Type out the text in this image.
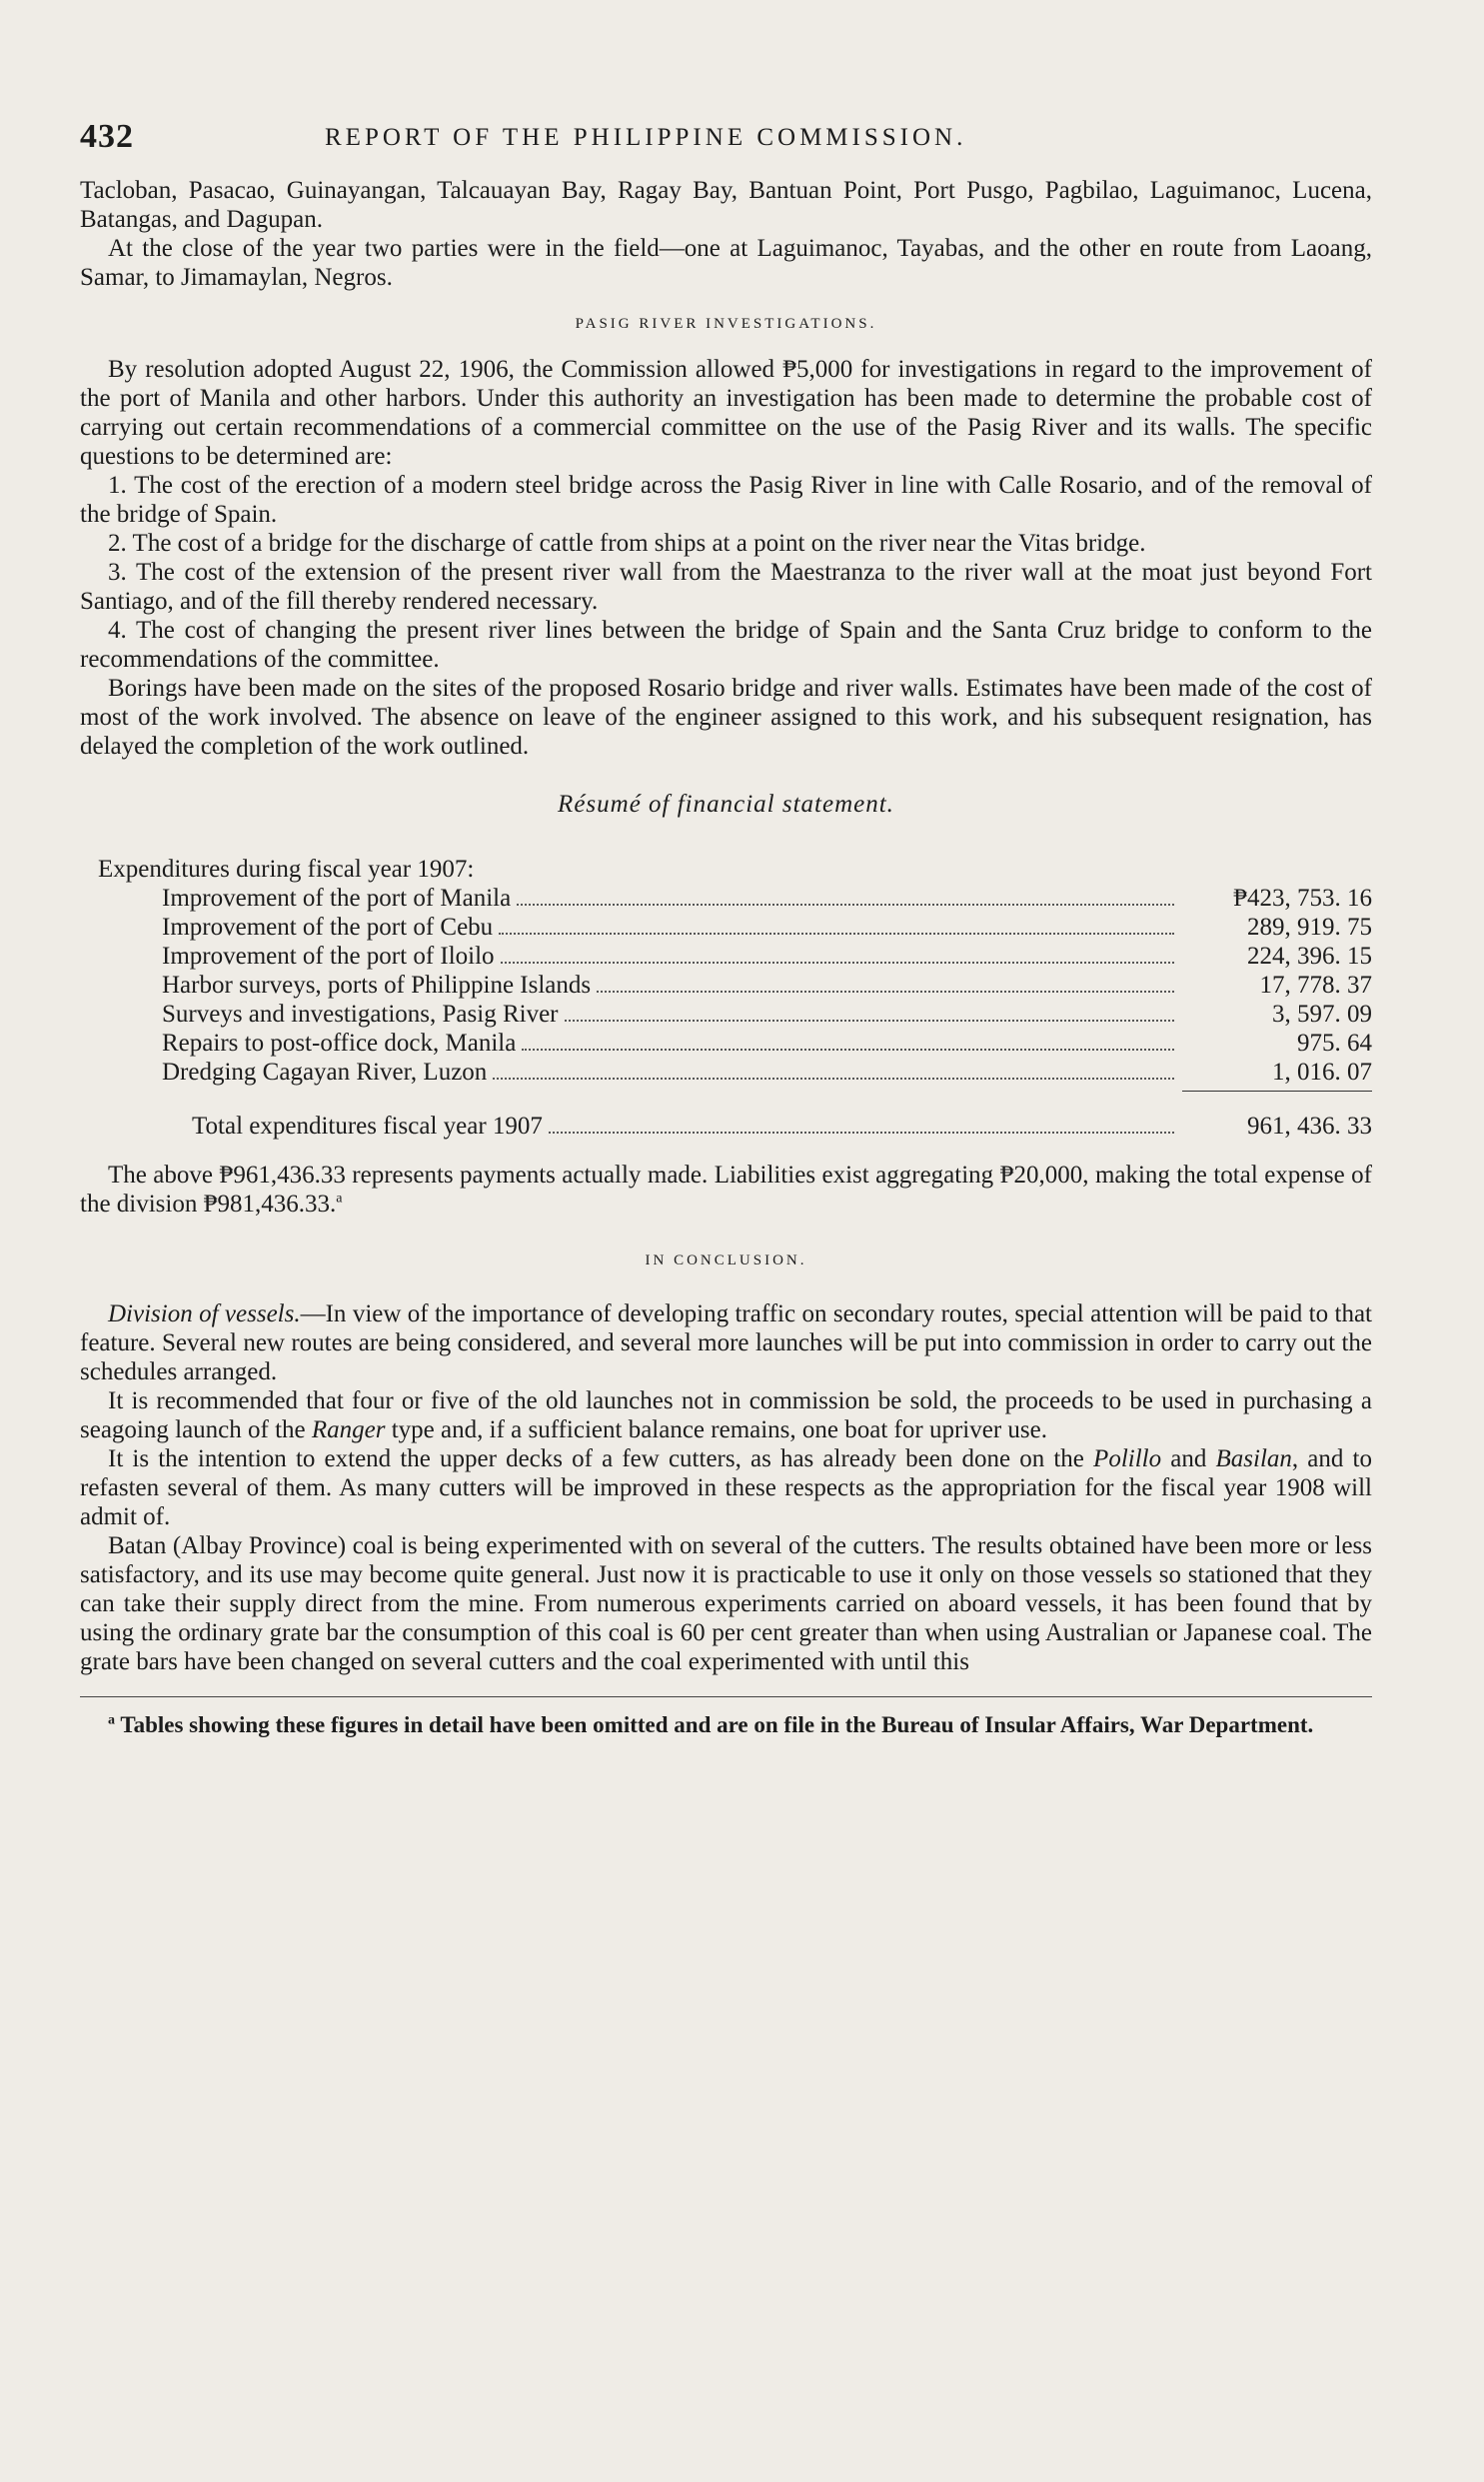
432	REPORT OF THE PHILIPPINE COMMISSION.

Tacloban, Pasacao, Guinayangan, Talcauayan Bay, Ragay Bay, Bantuan Point, Port Pusgo, Pagbilao, Laguimanoc, Lucena, Batangas, and Dagupan.

At the close of the year two parties were in the field—one at Laguimanoc, Tayabas, and the other en route from Laoang, Samar, to Jimamaylan, Negros.

PASIG RIVER INVESTIGATIONS.

By resolution adopted August 22, 1906, the Commission allowed ₱5,000 for investigations in regard to the improvement of the port of Manila and other harbors. Under this authority an investigation has been made to determine the probable cost of carrying out certain recommendations of a commercial committee on the use of the Pasig River and its walls. The specific questions to be determined are:

1. The cost of the erection of a modern steel bridge across the Pasig River in line with Calle Rosario, and of the removal of the bridge of Spain.

2. The cost of a bridge for the discharge of cattle from ships at a point on the river near the Vitas bridge.

3. The cost of the extension of the present river wall from the Maestranza to the river wall at the moat just beyond Fort Santiago, and of the fill thereby rendered necessary.

4. The cost of changing the present river lines between the bridge of Spain and the Santa Cruz bridge to conform to the recommendations of the committee.

Borings have been made on the sites of the proposed Rosario bridge and river walls. Estimates have been made of the cost of most of the work involved. The absence on leave of the engineer assigned to this work, and his subsequent resignation, has delayed the completion of the work outlined.

Résumé of financial statement.
Expenditures during fiscal year 1907:
Improvement of the port of Manila	₱423, 753. 16
Improvement of the port of Cebu	289, 919. 75
Improvement of the port of Iloilo	224, 396. 15
Harbor surveys, ports of Philippine Islands	17, 778. 37
Surveys and investigations, Pasig River	3, 597. 09
Repairs to post-office dock, Manila	975. 64
Dredging Cagayan River, Luzon	1, 016. 07
Total expenditures fiscal year 1907	961, 436. 33

The above ₱961,436.33 represents payments actually made. Liabilities exist aggregating ₱20,000, making the total expense of the division ₱981,436.33.$^a$

IN CONCLUSION.

Division of vessels.—In view of the importance of developing traffic on secondary routes, special attention will be paid to that feature. Several new routes are being considered, and several more launches will be put into commission in order to carry out the schedules arranged.

It is recommended that four or five of the old launches not in commission be sold, the proceeds to be used in purchasing a seagoing launch of the Ranger type and, if a sufficient balance remains, one boat for upriver use.

It is the intention to extend the upper decks of a few cutters, as has already been done on the Polillo and Basilan, and to refasten several of them. As many cutters will be improved in these respects as the appropriation for the fiscal year 1908 will admit of.

Batan (Albay Province) coal is being experimented with on several of the cutters. The results obtained have been more or less satisfactory, and its use may become quite general. Just now it is practicable to use it only on those vessels so stationed that they can take their supply direct from the mine. From numerous experiments carried on aboard vessels, it has been found that by using the ordinary grate bar the consumption of this coal is 60 per cent greater than when using Australian or Japanese coal. The grate bars have been changed on several cutters and the coal experimented with until this

$^a$ Tables showing these figures in detail have been omitted and are on file in the Bureau of Insular Affairs, War Department.
